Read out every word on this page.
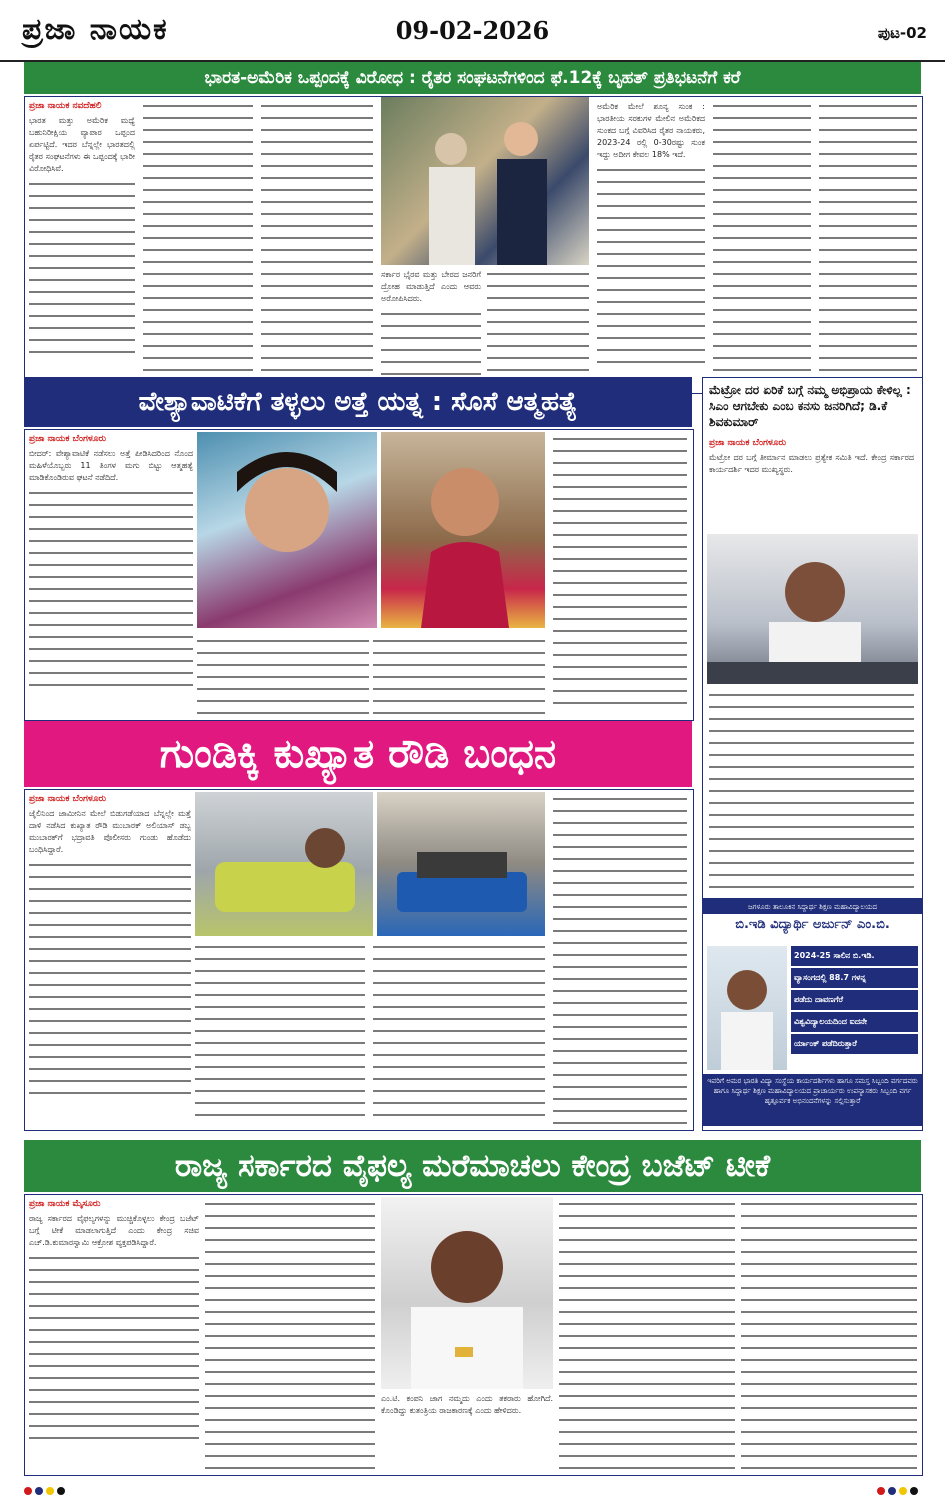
ಪ್ರಜಾ ನಾಯಕ	09-02-2026	ಪುಟ-02
ಭಾರತ-ಅಮೆರಿಕ ಒಪ್ಪಂದಕ್ಕೆ ವಿರೋಧ : ರೈತರ ಸಂಘಟನೆಗಳಿಂದ ಫೆ.12ಕ್ಕೆ ಬೃಹತ್ ಪ್ರತಿಭಟನೆಗೆ ಕರೆ
ಪ್ರಜಾ ನಾಯಕ ನವದೆಹಲಿ
ಭಾರತ ಮತ್ತು ಅಮೆರಿಕ ಮಧ್ಯೆ ಬಹುನಿರೀಕ್ಷಿಯ ವ್ಯಾಪಾರ ಒಪ್ಪಂದ ಏರ್ಪಟ್ಟಿದೆ. ಇದರ ಬೆನ್ನಲ್ಲೇ ಭಾರತದಲ್ಲಿ ರೈತರ ಸಂಘಟನೆಗಳು ಈ ಒಪ್ಪಂದಕ್ಕೆ ಭಾರೀ ವಿರೋಧಿಸಿವೆ.
ಸರ್ಕಾರ ಭೈರವ ಮತ್ತು ಬೇರದ ಜನರಿಗೆ ದ್ರೋಹ ಮಾಡುತ್ತಿದೆ ಎಂದು ಆವರು ಅರೋಪಿಸಿದರು.
ಅಮೆರಿಕ ಮೇಲೆ ಶೂನ್ಯ ಸುಂಕ : ಭಾರತೀಯ ಸರಕುಗಳ ಮೇಲಿನ ಅಮೆರಿಕದ ಸುಂಕದ ಬಗ್ಗೆ ವಿವರಿಸಿದ ರೈತರ ನಾಯಕರು, 2023-24 ರಲ್ಲಿ 0-30ರಷ್ಟು ಸುಂಕ ಇದ್ದು ಅದೀಗ ಕೇವಲ 18% ಇದೆ.
ವೇಶ್ಯಾವಾಟಿಕೆಗೆ ತಳ್ಳಲು ಅತ್ತೆ ಯತ್ನ : ಸೊಸೆ ಆತ್ಮಹತ್ಯೆ
ಪ್ರಜಾ ನಾಯಕ ಬೆಂಗಳೂರು
ಬೀದರ್: ವೇಶ್ಯಾವಾಟಿಕೆ ನಡೆಸಲು ಅತ್ತೆ ಪೀಡಿಸಿದರಿಂದ ನೊಂದ ಮಹಿಳೆಯೊಬ್ಬರು 11 ತಿಂಗಳ ಮಗು ಬಿಟ್ಟು ಆತ್ಮಹತ್ಯೆ ಮಾಡಿಕೊಂಡಿರುವ ಘಟನೆ ನಡೆದಿದೆ.
ಮೆಟ್ರೋ ದರ ಏರಿಕೆ ಬಗ್ಗೆ ನಮ್ಮ ಅಭಿಪ್ರಾಯ ಕೇಳಿಲ್ಲ : ಸಿಎಂ ಆಗಬೇಕು ಎಂಬ ಕನಸು ಜನರಿಗಿದೆ; ಡಿ.ಕೆ ಶಿವಕುಮಾರ್
ಪ್ರಜಾ ನಾಯಕ ಬೆಂಗಳೂರು
ಮೆಟ್ರೋ ದರ ಬಗ್ಗೆ ತೀರ್ಮಾನ ಮಾಡಲು ಪ್ರತ್ಯೇಕ ಸಮಿತಿ ಇದೆ. ಕೇಂದ್ರ ಸರ್ಕಾರದ ಕಾರ್ಯದರ್ಶಿ ಇದರ ಮುಖ್ಯಸ್ಥರು.
ಗುಂಡಿಕ್ಕಿ ಕುಖ್ಯಾತ ರೌಡಿ ಬಂಧನ
ಪ್ರಜಾ ನಾಯಕ ಬೆಂಗಳೂರು
ಜೈಲಿನಿಂದ ಜಾಮೀನಿನ ಮೇಲೆ ಬಿಡುಗಡೆಯಾದ ಬೆನ್ನಲ್ಲೇ ಮತ್ತೆ ದಾಳಿ ನಡೆಸಿದ ಕುಖ್ಯಾತ ರೌಡಿ ಮುಬಾರಕ್ ಅಲಿಯಾಸ್ ಡಬ್ಬ ಮುಬಾರಕ್‌ಗೆ ಭದ್ರಾವತಿ ಪೊಲೀಸರು ಗುಂಡು ಹೊಡೆದು ಬಂಧಿಸಿದ್ದಾರೆ.
ಜಗಳೂರು ತಾಲೂಕಿನ ಸಿದ್ದಾರ್ಥ ಶಿಕ್ಷಣ ಮಹಾವಿದ್ಯಾಲಯದ
ಬಿ.ಇಡಿ ವಿದ್ಯಾರ್ಥಿ ಅರ್ಜುನ್ ಎಂ.ಬಿ.
2024-25 ಸಾಲಿನ ಬಿ.ಇಡಿ.
ವ್ಯಾಸಂಗದಲ್ಲಿ 88.7 ಗಳನ್ನ
ಪಡೆದು ದಾವಣಗೆರೆ
ವಿಶ್ವವಿದ್ಯಾಲಯದಿಂದ ಐದನೇ
ರ್ಯಾಂಕ್ ಪಡೆದಿರುತ್ತಾರೆ
ಇವರಿಗೆ ಅಮರ ಭಾರತಿ ವಿದ್ಯಾ ಸಂಸ್ಥೆಯ ಕಾರ್ಯದರ್ಶಿಗಳು ಹಾಗೂ ಸಮಸ್ತ ಸಿಬ್ಬಂದಿ ವರ್ಗದವರು ಹಾಗೂ ಸಿದ್ದಾರ್ಥ ಶಿಕ್ಷಣ ಮಹಾವಿದ್ಯಾಲಯದ ಪ್ರಾಚಾರ್ಯರು ಉಪನ್ಯಾಸಕರು ಸಿಬ್ಬಂದಿ ವರ್ಗ ಹೃತ್ಪೂರ್ವಕ ಅಭಿನಂದನೆಗಳನ್ನು ಸಲ್ಲಿಸುತ್ತಾರೆ
ರಾಜ್ಯ ಸರ್ಕಾರದ ವೈಫಲ್ಯ ಮರೆಮಾಚಲು ಕೇಂದ್ರ ಬಜೆಟ್ ಟೀಕೆ
ಪ್ರಜಾ ನಾಯಕ ಮೈಸೂರು
ರಾಜ್ಯ ಸರ್ಕಾರದ ವೈಫಲ್ಯಗಳನ್ನು ಮುಚ್ಚಿಕೊಳ್ಳಲು ಕೇಂದ್ರ ಬಜೆಟ್ ಬಗ್ಗೆ ಟೀಕೆ ಮಾಡಲಾಗುತ್ತಿದೆ ಎಂದು ಕೇಂದ್ರ ಸಚಿವ ಎಚ್.ಡಿ.ಕುಮಾರಸ್ವಾಮಿ ಆಕ್ರೋಶ ವ್ಯಕ್ತಪಡಿಸಿದ್ದಾರೆ.
ಎಂ.ಟಿ. ಕಂಪನಿ ಜಾಗ ನಮ್ಮದು ಎಂದು ತಕರಾರು ಹೋಗಿದೆ. ಕೊಂಡಿದ್ದು ಕುತಂತ್ರಿಯ ರಾಜಕಾರಣಕ್ಕೆ ಎಂದು ಹೇಳಿದರು.
